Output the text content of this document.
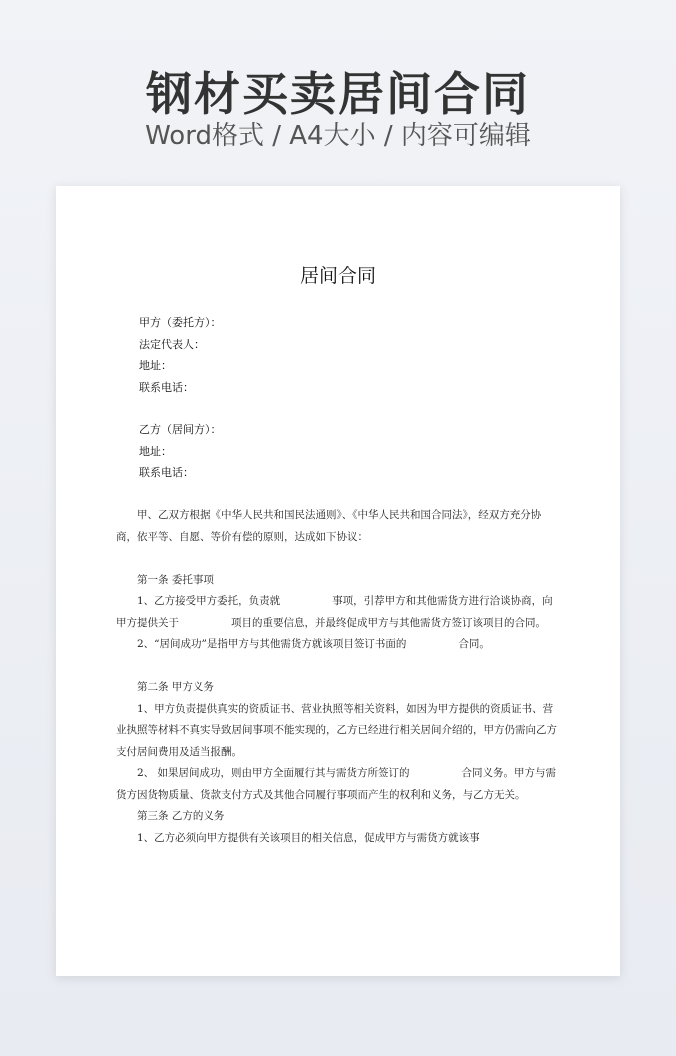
钢材买卖居间合同
Word格式 / A4大小 / 内容可编辑
居间合同
甲方（委托方）：
法定代表人：
地址：
联系电话：
乙方（居间方）：
地址：
联系电话：

甲、乙双方根据《中华人民共和国民法通则》、《中华人民共和国合同法》，经双方充分协商，依平等、自愿、等价有偿的原则，达成如下协议：

第一条 委托事项

1、乙方接受甲方委托，负责就	事项，引荐甲方和其他需货方进行洽谈协商，向甲方提供关于	项目的重要信息，并最终促成甲方与其他需货方签订该项目的合同。

2、“居间成功”是指甲方与其他需货方就该项目签订书面的	合同。

第二条 甲方义务

1、甲方负责提供真实的资质证书、营业执照等相关资料，如因为甲方提供的资质证书、营业执照等材料不真实导致居间事项不能实现的，乙方已经进行相关居间介绍的，甲方仍需向乙方支付居间费用及适当报酬。

2、 如果居间成功，则由甲方全面履行其与需货方所签订的	合同义务。甲方与需货方因货物质量、货款支付方式及其他合同履行事项而产生的权利和义务，与乙方无关。

第三条 乙方的义务

1、乙方必须向甲方提供有关该项目的相关信息，促成甲方与需货方就该事
